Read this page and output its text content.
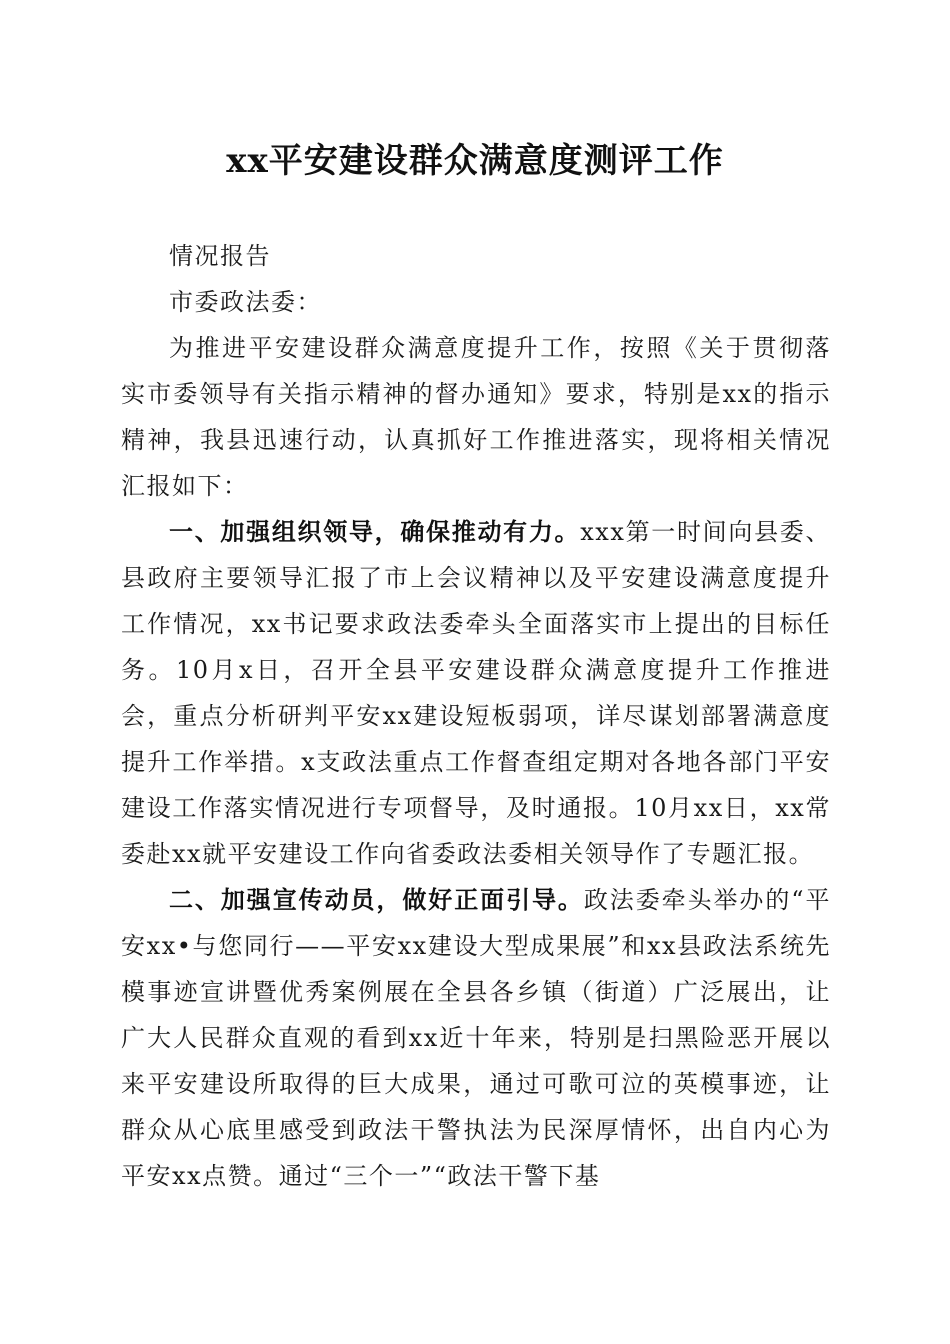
xx平安建设群众满意度测评工作

情况报告

市委政法委：

为推进平安建设群众满意度提升工作，按照《关于贯彻落实市委领导有关指示精神的督办通知》要求，特别是xx的指示精神，我县迅速行动，认真抓好工作推进落实，现将相关情况汇报如下：

一、加强组织领导，确保推动有力。xxx第一时间向县委、县政府主要领导汇报了市上会议精神以及平安建设满意度提升工作情况，xx书记要求政法委牵头全面落实市上提出的目标任务。10月x日，召开全县平安建设群众满意度提升工作推进会，重点分析研判平安xx建设短板弱项，详尽谋划部署满意度提升工作举措。x支政法重点工作督查组定期对各地各部门平安建设工作落实情况进行专项督导，及时通报。10月xx日，xx常委赴xx就平安建设工作向省委政法委相关领导作了专题汇报。

二、加强宣传动员，做好正面引导。政法委牵头举办的“平安xx•与您同行——平安xx建设大型成果展”和xx县政法系统先模事迹宣讲暨优秀案例展在全县各乡镇（街道）广泛展出，让广大人民群众直观的看到xx近十年来，特别是扫黑险恶开展以来平安建设所取得的巨大成果，通过可歌可泣的英模事迹，让群众从心底里感受到政法干警执法为民深厚情怀，出自内心为平安xx点赞。通过“三个一”“政法干警下基
